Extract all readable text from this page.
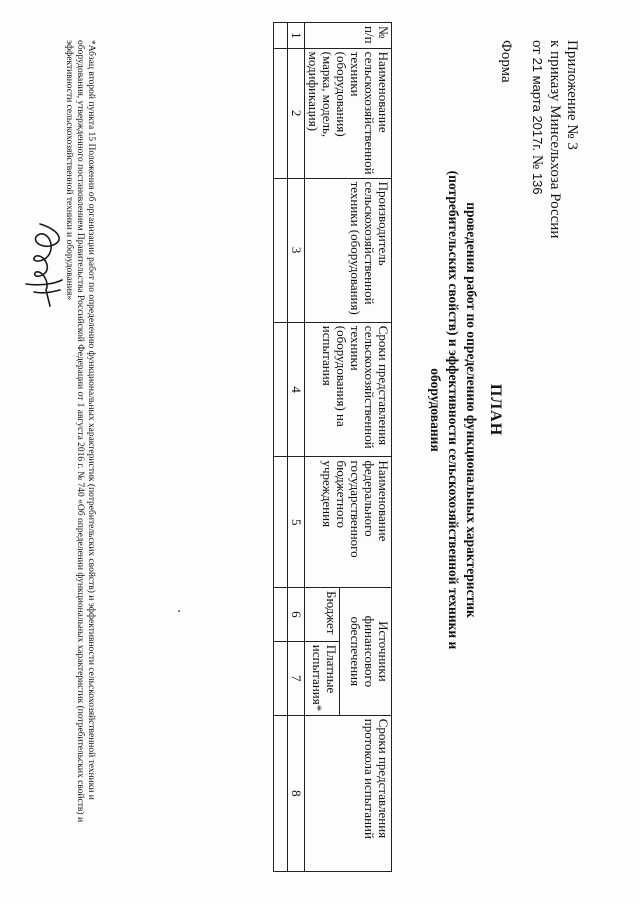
Приложение № 3
к приказу Минсельхоза России
от 21 марта 2017г. № 136
Форма
ПЛАН
проведения работ по определению функциональных характеристик
(потребительских свойств) и эффективности сельскохозяйственной техники и оборудования
№ п/п	Наименование сельскохозяйственной техники (оборудования) (марка, модель, модификация)	Производитель сельскохозяйственной техники (оборудования)	Сроки представления сельскохозяйственной техники (оборудования) на испытания	Наименование федерального государственного бюджетного учреждения	Источники финансового обеспечения		Сроки представления протокола испытаний
					Бюджет	Платные испытания*	
1	2	3	4	5	6	7	8

*Абзац второй пункта 15 Положения об организации работ по определению функциональных характеристик (потребительских свойств) и эффективности сельскохозяйственной техники и оборудования, утвержденного постановлением Правительства Российской Федерации от 1 августа 2016 г. № 740 «Об определении функциональных характеристик (потребительских свойств) и эффективности сельскохозяйственной техники и оборудования»
